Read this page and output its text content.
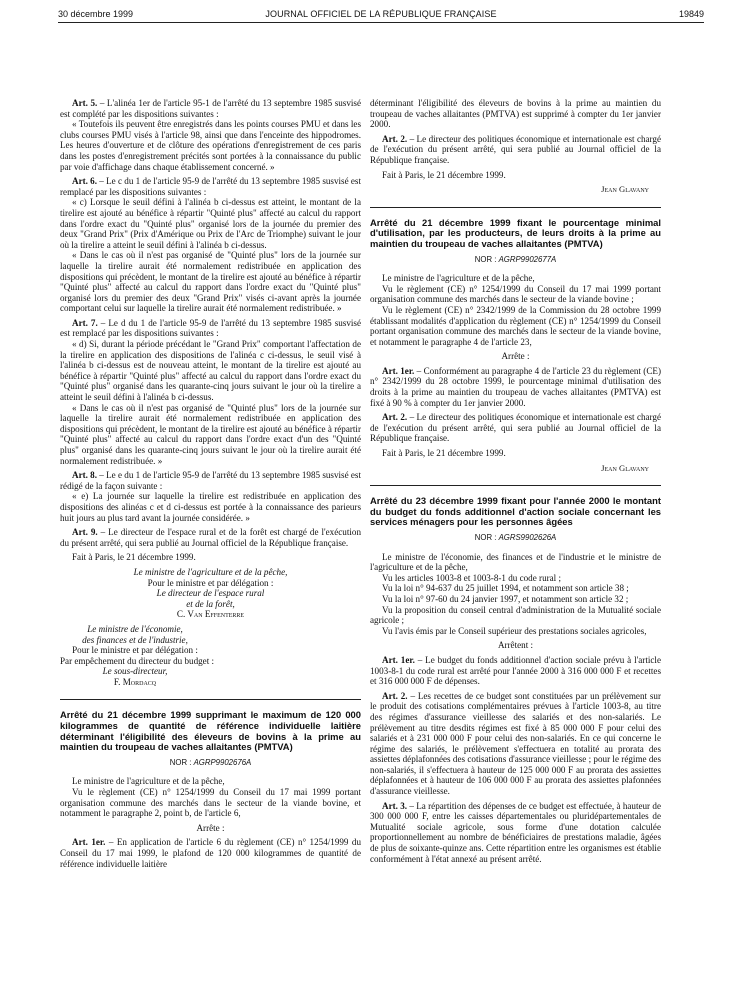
30 décembre 1999	JOURNAL OFFICIEL DE LA RÉPUBLIQUE FRANÇAISE	19849

Art. 5. – L'alinéa 1er de l'article 95-1 de l'arrêté du 13 septembre 1985 susvisé est complété par les dispositions suivantes :

« Toutefois ils peuvent être enregistrés dans les points courses PMU et dans les clubs courses PMU visés à l'article 98, ainsi que dans l'enceinte des hippodromes. Les heures d'ouverture et de clôture des opérations d'enregistrement de ces paris dans les postes d'enregistrement précités sont portées à la connaissance du public par voie d'affichage dans chaque établissement concerné. »

Art. 6. – Le c du 1 de l'article 95-9 de l'arrêté du 13 septembre 1985 susvisé est remplacé par les dispositions suivantes :

« c) Lorsque le seuil défini à l'alinéa b ci-dessus est atteint, le montant de la tirelire est ajouté au bénéfice à répartir "Quinté plus" affecté au calcul du rapport dans l'ordre exact du "Quinté plus" organisé lors de la journée du premier des deux "Grand Prix" (Prix d'Amérique ou Prix de l'Arc de Triomphe) suivant le jour où la tirelire a atteint le seuil défini à l'alinéa b ci-dessus.

« Dans le cas où il n'est pas organisé de "Quinté plus" lors de la journée sur laquelle la tirelire aurait été normalement redistribuée en application des dispositions qui précèdent, le montant de la tirelire est ajouté au bénéfice à répartir "Quinté plus" affecté au calcul du rapport dans l'ordre exact du "Quinté plus" organisé lors du premier des deux "Grand Prix" visés ci-avant après la journée comportant celui sur laquelle la tirelire aurait été normalement redistribuée. »

Art. 7. – Le d du 1 de l'article 95-9 de l'arrêté du 13 septembre 1985 susvisé est remplacé par les dispositions suivantes :

« d) Si, durant la période précédant le "Grand Prix" comportant l'affectation de la tirelire en application des dispositions de l'alinéa c ci-dessus, le seuil visé à l'alinéa b ci-dessus est de nouveau atteint, le montant de la tirelire est ajouté au bénéfice à répartir "Quinté plus" affecté au calcul du rapport dans l'ordre exact du "Quinté plus" organisé dans les quarante-cinq jours suivant le jour où la tirelire a atteint le seuil défini à l'alinéa b ci-dessus.

« Dans le cas où il n'est pas organisé de "Quinté plus" lors de la journée sur laquelle la tirelire aurait été normalement redistribuée en application des dispositions qui précèdent, le montant de la tirelire est ajouté au bénéfice à répartir "Quinté plus" affecté au calcul du rapport dans l'ordre exact d'un des "Quinté plus" organisé dans les quarante-cinq jours suivant le jour où la tirelire aurait été normalement redistribuée. »

Art. 8. – Le e du 1 de l'article 95-9 de l'arrêté du 13 septembre 1985 susvisé est rédigé de la façon suivante :

« e) La journée sur laquelle la tirelire est redistribuée en application des dispositions des alinéas c et d ci-dessus est portée à la connaissance des parieurs huit jours au plus tard avant la journée considérée. »

Art. 9. – Le directeur de l'espace rural et de la forêt est chargé de l'exécution du présent arrêté, qui sera publié au Journal officiel de la République française.

Fait à Paris, le 21 décembre 1999.

Le ministre de l'agriculture et de la pêche,

Pour le ministre et par délégation :

Le directeur de l'espace rural

et de la forêt,

C. Van Effenterre

Le ministre de l'économie,

des finances et de l'industrie,

Pour le ministre et par délégation :

Par empêchement du directeur du budget :

Le sous-directeur,

F. Mordacq

Arrêté du 21 décembre 1999 supprimant le maximum de 120 000 kilogrammes de quantité de référence individuelle laitière déterminant l'éligibilité des éleveurs de bovins à la prime au maintien du troupeau de vaches allaitantes (PMTVA)

NOR : AGRP9902676A

Le ministre de l'agriculture et de la pêche,

Vu le règlement (CE) n° 1254/1999 du Conseil du 17 mai 1999 portant organisation commune des marchés dans le secteur de la viande bovine, et notamment le paragraphe 2, point b, de l'article 6,

Arrête :

Art. 1er. – En application de l'article 6 du règlement (CE) n° 1254/1999 du Conseil du 17 mai 1999, le plafond de 120 000 kilogrammes de quantité de référence individuelle laitière

déterminant l'éligibilité des éleveurs de bovins à la prime au maintien du troupeau de vaches allaitantes (PMTVA) est supprimé à compter du 1er janvier 2000.

Art. 2. – Le directeur des politiques économique et internationale est chargé de l'exécution du présent arrêté, qui sera publié au Journal officiel de la République française.

Fait à Paris, le 21 décembre 1999.

Jean Glavany

Arrêté du 21 décembre 1999 fixant le pourcentage minimal d'utilisation, par les producteurs, de leurs droits à la prime au maintien du troupeau de vaches allaitantes (PMTVA)

NOR : AGRP9902677A

Le ministre de l'agriculture et de la pêche,

Vu le règlement (CE) n° 1254/1999 du Conseil du 17 mai 1999 portant organisation commune des marchés dans le secteur de la viande bovine ;

Vu le règlement (CE) n° 2342/1999 de la Commission du 28 octobre 1999 établissant modalités d'application du règlement (CE) n° 1254/1999 du Conseil portant organisation commune des marchés dans le secteur de la viande bovine, et notamment le paragraphe 4 de l'article 23,

Arrête :

Art. 1er. – Conformément au paragraphe 4 de l'article 23 du règlement (CE) n° 2342/1999 du 28 octobre 1999, le pourcentage minimal d'utilisation des droits à la prime au maintien du troupeau de vaches allaitantes (PMTVA) est fixé à 90 % à compter du 1er janvier 2000.

Art. 2. – Le directeur des politiques économique et internationale est chargé de l'exécution du présent arrêté, qui sera publié au Journal officiel de la République française.

Fait à Paris, le 21 décembre 1999.

Jean Glavany

Arrêté du 23 décembre 1999 fixant pour l'année 2000 le montant du budget du fonds additionnel d'action sociale concernant les services ménagers pour les personnes âgées

NOR : AGRS9902626A

Le ministre de l'économie, des finances et de l'industrie et le ministre de l'agriculture et de la pêche,

Vu les articles 1003-8 et 1003-8-1 du code rural ;

Vu la loi n° 94-637 du 25 juillet 1994, et notamment son article 38 ;

Vu la loi n° 97-60 du 24 janvier 1997, et notamment son article 32 ;

Vu la proposition du conseil central d'administration de la Mutualité sociale agricole ;

Vu l'avis émis par le Conseil supérieur des prestations sociales agricoles,

Arrêtent :

Art. 1er. – Le budget du fonds additionnel d'action sociale prévu à l'article 1003-8-1 du code rural est arrêté pour l'année 2000 à 316 000 000 F et recettes et 316 000 000 F de dépenses.

Art. 2. – Les recettes de ce budget sont constituées par un prélèvement sur le produit des cotisations complémentaires prévues à l'article 1003-8, au titre des régimes d'assurance vieillesse des salariés et des non-salariés. Le prélèvement au titre desdits régimes est fixé à 85 000 000 F pour celui des salariés et à 231 000 000 F pour celui des non-salariés. En ce qui concerne le régime des salariés, le prélèvement s'effectuera en totalité au prorata des assiettes déplafonnées des cotisations d'assurance vieillesse ; pour le régime des non-salariés, il s'effectuera à hauteur de 125 000 000 F au prorata des assiettes déplafonnées et à hauteur de 106 000 000 F au prorata des assiettes plafonnées d'assurance vieillesse.

Art. 3. – La répartition des dépenses de ce budget est effectuée, à hauteur de 300 000 000 F, entre les caisses départementales ou pluridépartementales de Mutualité sociale agricole, sous forme d'une dotation calculée proportionnellement au nombre de bénéficiaires de prestations maladie, âgées de plus de soixante-quinze ans. Cette répartition entre les organismes est établie conformément à l'état annexé au présent arrêté.
